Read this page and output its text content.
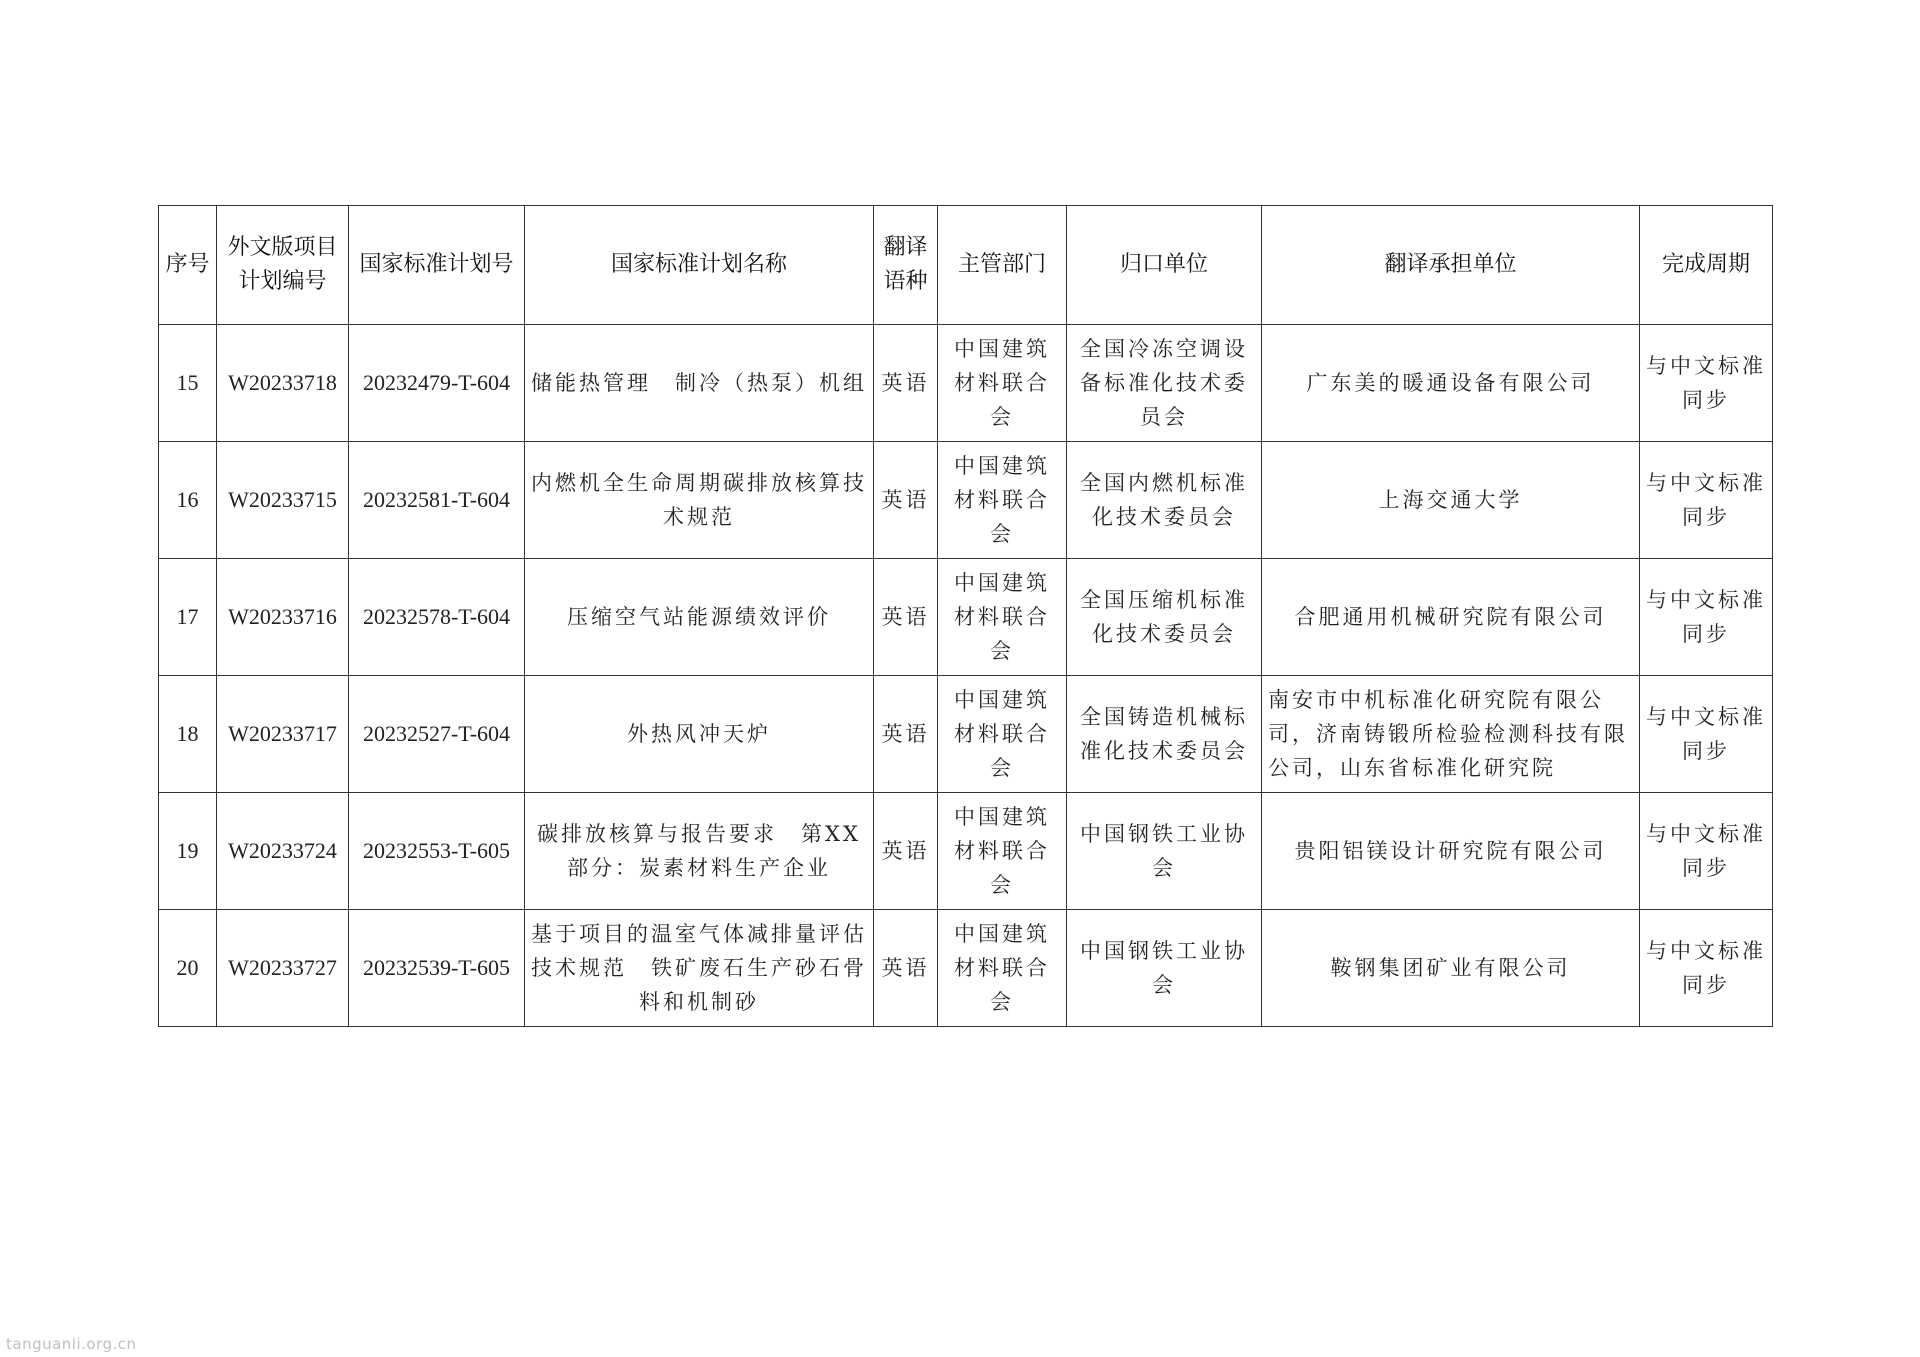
序号	外文版项目计划编号	国家标准计划号	国家标准计划名称	翻译语种	主管部门	归口单位	翻译承担单位	完成周期
15	W20233718	20232479-T-604	储能热管理　制冷（热泵）机组	英语	中国建筑材料联合会	全国冷冻空调设备标准化技术委员会	广东美的暖通设备有限公司	与中文标准同步
16	W20233715	20232581-T-604	内燃机全生命周期碳排放核算技术规范	英语	中国建筑材料联合会	全国内燃机标准化技术委员会	上海交通大学	与中文标准同步
17	W20233716	20232578-T-604	压缩空气站能源绩效评价	英语	中国建筑材料联合会	全国压缩机标准化技术委员会	合肥通用机械研究院有限公司	与中文标准同步
18	W20233717	20232527-T-604	外热风冲天炉	英语	中国建筑材料联合会	全国铸造机械标准化技术委员会	南安市中机标准化研究院有限公司，济南铸锻所检验检测科技有限公司，山东省标准化研究院	与中文标准同步
19	W20233724	20232553-T-605	碳排放核算与报告要求　第XX部分：炭素材料生产企业	英语	中国建筑材料联合会	中国钢铁工业协会	贵阳铝镁设计研究院有限公司	与中文标准同步
20	W20233727	20232539-T-605	基于项目的温室气体减排量评估技术规范　铁矿废石生产砂石骨料和机制砂	英语	中国建筑材料联合会	中国钢铁工业协会	鞍钢集团矿业有限公司	与中文标准同步
tanguanli.org.cn
